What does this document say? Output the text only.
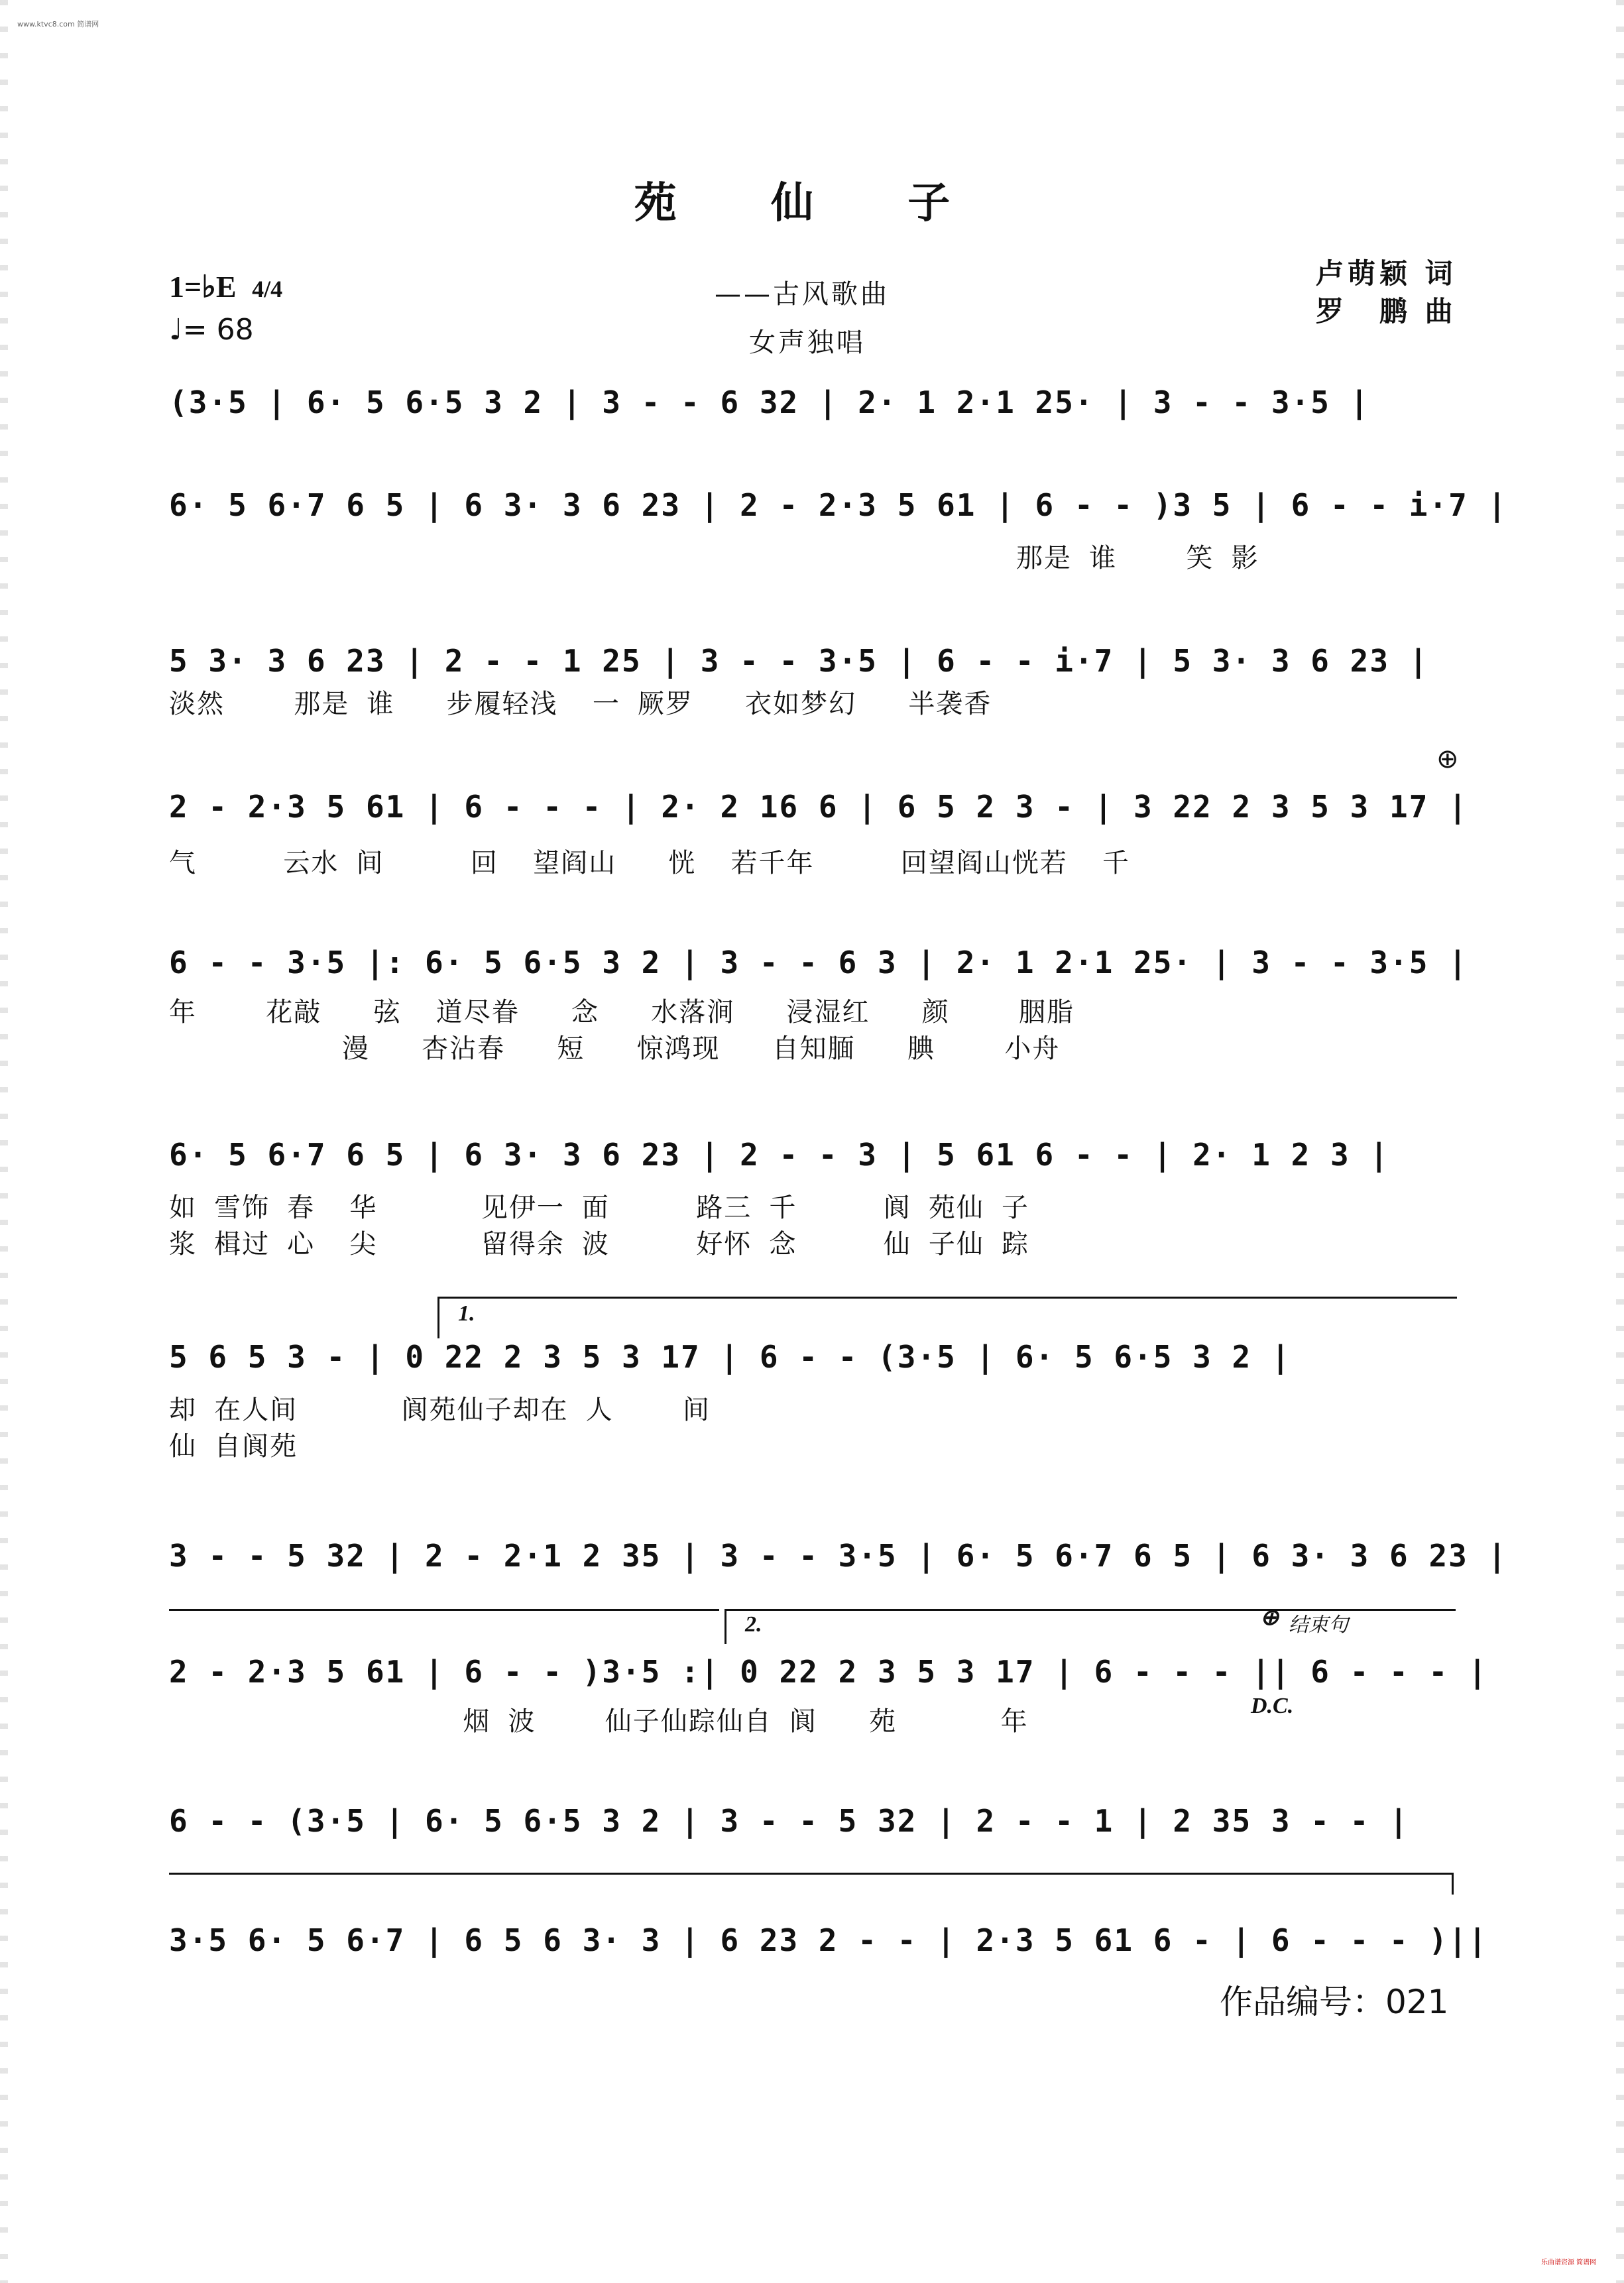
www.ktvc8.com 简谱网
苑 仙 子
1=♭E 4/4
♩= 68
——古风歌曲
女声独唱
卢萌颖 词
罗　鹏 曲
(3·5 | 6· 5 6·5 3 2 | 3 - - 6 32 | 2· 1 2·1 25· | 3 - - 3·5 |
6· 5 6·7 6 5 | 6 3· 3 6 23 | 2 - 2·3 5 61 | 6 - - )3 5 | 6 - - i·7 |
那是 谁    笑 影
5 3· 3 6 23 | 2 - - 1 25 | 3 - - 3·5 | 6 - - i·7 | 5 3· 3 6 23 |
淡然    那是 谁   步履轻浅  一 厥罗   衣如梦幻   半袭香
2 - 2·3 5 61 | 6 - - - | 2· 2 16 6 | 6 5 2 3 - | 3 22 2 3 5 3 17 |
气     云水 间     回  望阎山   恍  若千年     回望阎山恍若  千
⊕
6 - - 3·5 |: 6· 5 6·5 3 2 | 3 - - 6 3 | 2· 1 2·1 25· | 3 - - 3·5 |
年    花敲   弦  道尽眷   念   水落涧   浸湿红   颜    胭脂
漫   杏沾春   短   惊鸿现   自知腼   腆    小舟
6· 5 6·7 6 5 | 6 3· 3 6 23 | 2 - - 3 | 5 61 6 - - | 2· 1 2 3 |
如 雪饰 春  华      见伊一 面     路三 千     阆 苑仙 子
浆 楫过 心  尖      留得余 波     好怀 念     仙 子仙 踪
1.
5 6 5 3 - | 0 22 2 3 5 3 17 | 6 - - (3·5 | 6· 5 6·5 3 2 |
却 在人间      阆苑仙子却在 人    间
仙 自阆苑
3 - - 5 32 | 2 - 2·1 2 35 | 3 - - 3·5 | 6· 5 6·7 6 5 | 6 3· 3 6 23 |
2.	⊕ 结束句
2 - 2·3 5 61 | 6 - - )3·5 :| 0 22 2 3 5 3 17 | 6 - - - || 6 - - - |
烟 波    仙子仙踪仙自 阆   苑      年
D.C.
6 - - (3·5 | 6· 5 6·5 3 2 | 3 - - 5 32 | 2 - - 1 | 2 35 3 - - |
3·5 6· 5 6·7 | 6 5 6 3· 3 | 6 23 2 - - | 2·3 5 61 6 - | 6 - - - )||
作品编号：021
乐曲谱资源 简谱网
